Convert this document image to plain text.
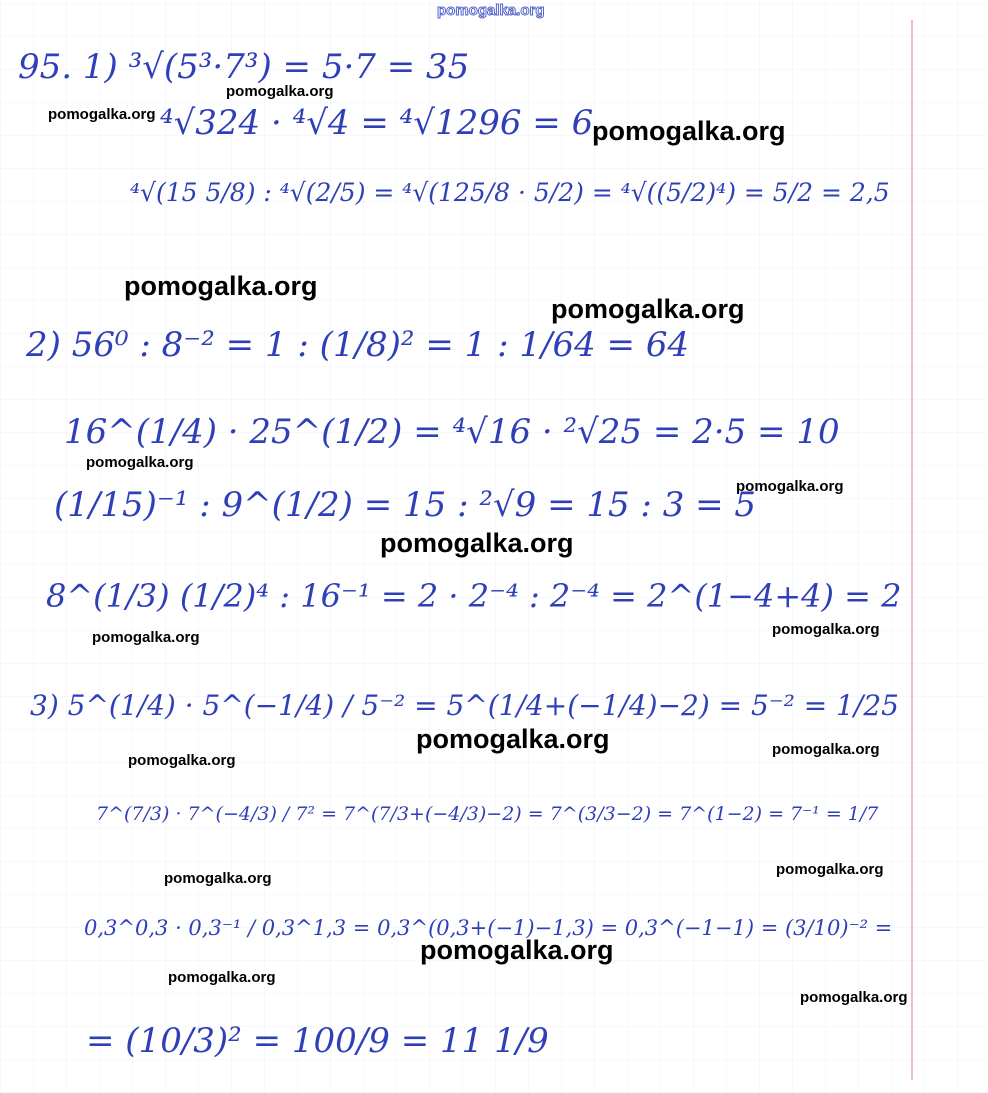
pomogalka.org
95. 1) ³√(5³·7³) = 5·7 = 35
⁴√324 · ⁴√4 = ⁴√1296 = 6
⁴√(15 5/8) : ⁴√(2/5) = ⁴√(125/8 · 5/2) = ⁴√((5/2)⁴) = 5/2 = 2,5
2) 56⁰ : 8⁻² = 1 : (1/8)² = 1 : 1/64 = 64
16^(1/4) · 25^(1/2) = ⁴√16 · ²√25 = 2·5 = 10
(1/15)⁻¹ : 9^(1/2) = 15 : ²√9 = 15 : 3 = 5
8^(1/3) (1/2)⁴ : 16⁻¹ = 2 · 2⁻⁴ : 2⁻⁴ = 2^(1−4+4) = 2
3) 5^(1/4) · 5^(−1/4) / 5⁻² = 5^(1/4+(−1/4)−2) = 5⁻² = 1/25
7^(7/3) · 7^(−4/3) / 7² = 7^(7/3+(−4/3)−2) = 7^(3/3−2) = 7^(1−2) = 7⁻¹ = 1/7
0,3^0,3 · 0,3⁻¹ / 0,3^1,3 = 0,3^(0,3+(−1)−1,3) = 0,3^(−1−1) = (3/10)⁻² =
= (10/3)² = 100/9 = 11 1/9
pomogalka.org
pomogalka.org
pomogalka.org
pomogalka.org
pomogalka.org
pomogalka.org
pomogalka.org
pomogalka.org
pomogalka.org
pomogalka.org
pomogalka.org	pomogalka.org
pomogalka.org
pomogalka.org
pomogalka.org
pomogalka.org
pomogalka.org
pomogalka.org
